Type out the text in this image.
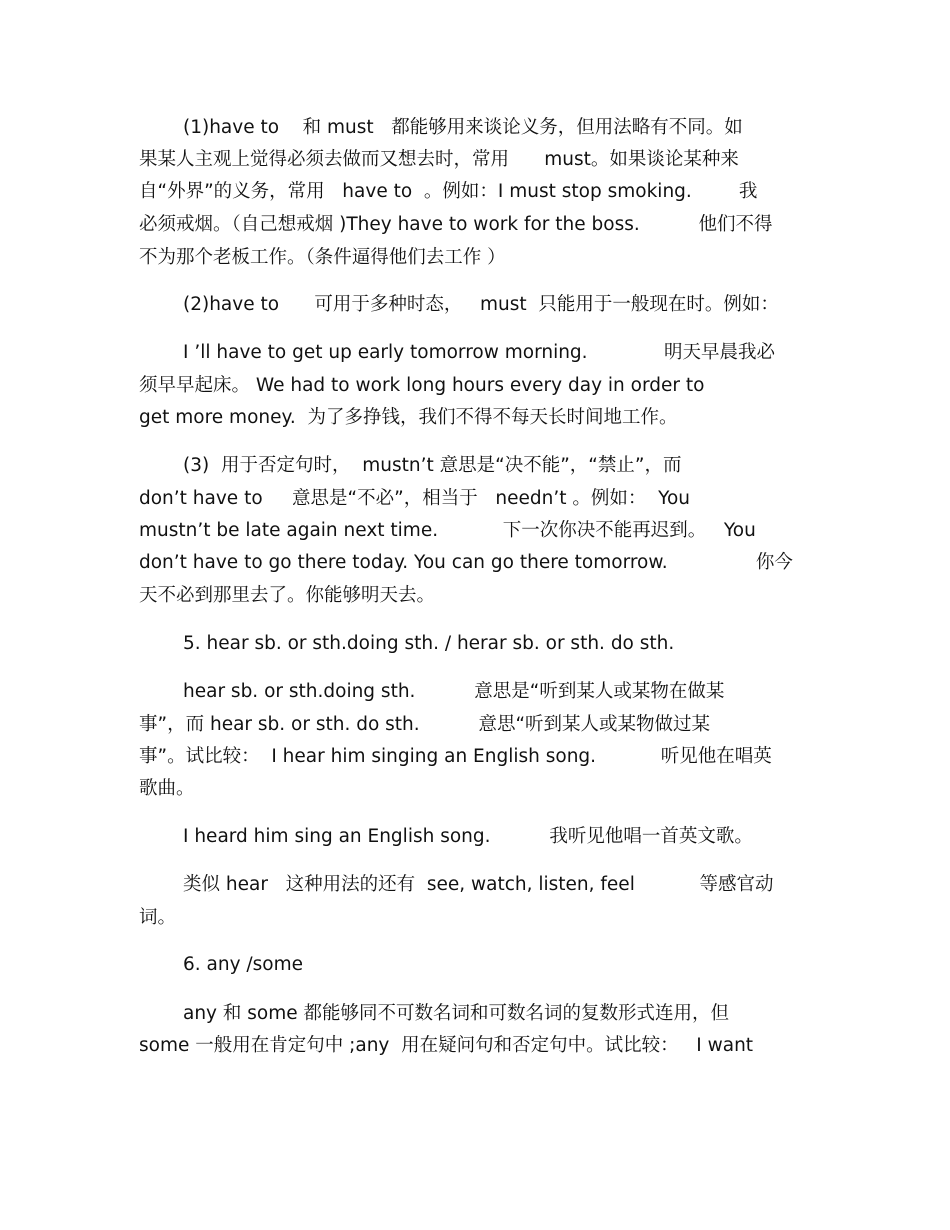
(1)have to    和 must   都能够用来谈论义务，但用法略有不同。如

果某人主观上觉得必须去做而又想去时，常用      must。如果谈论某种来

自“外界”的义务，常用   have to  。例如：I must stop smoking.        我

必须戒烟。（自己想戒烟 )They have to work for the boss.          他们不得

不为那个老板工作。（条件逼得他们去工作 ）

(2)have to      可用于多种时态，   must  只能用于一般现在时。例如：

I ’ll have to get up early tomorrow morning.             明天早晨我必

须早早起床。 We had to work long hours every day in order to

get more money.  为了多挣钱，我们不得不每天长时间地工作。

(3)  用于否定句时，  mustn’t 意思是“决不能”，“禁止”，而

don’t have to     意思是“不必”，相当于   needn’t 。例如：  You

mustn’t be late again next time.           下一次你决不能再迟到。   You

don’t have to go there today. You can go there tomorrow.               你今

天不必到那里去了。你能够明天去。

5. hear sb. or sth.doing sth. / herar sb. or sth. do sth.

hear sb. or sth.doing sth.          意思是“听到某人或某物在做某

事”，而 hear sb. or sth. do sth.          意思“听到某人或某物做过某

事”。试比较：  I hear him singing an English song.           听见他在唱英

歌曲。

I heard him sing an English song.          我听见他唱一首英文歌。

类似 hear   这种用法的还有  see, watch, listen, feel           等感官动

词。

6. any /some

any 和 some 都能够同不可数名词和可数名词的复数形式连用，但

some 一般用在肯定句中 ;any  用在疑问句和否定句中。试比较：   I want
